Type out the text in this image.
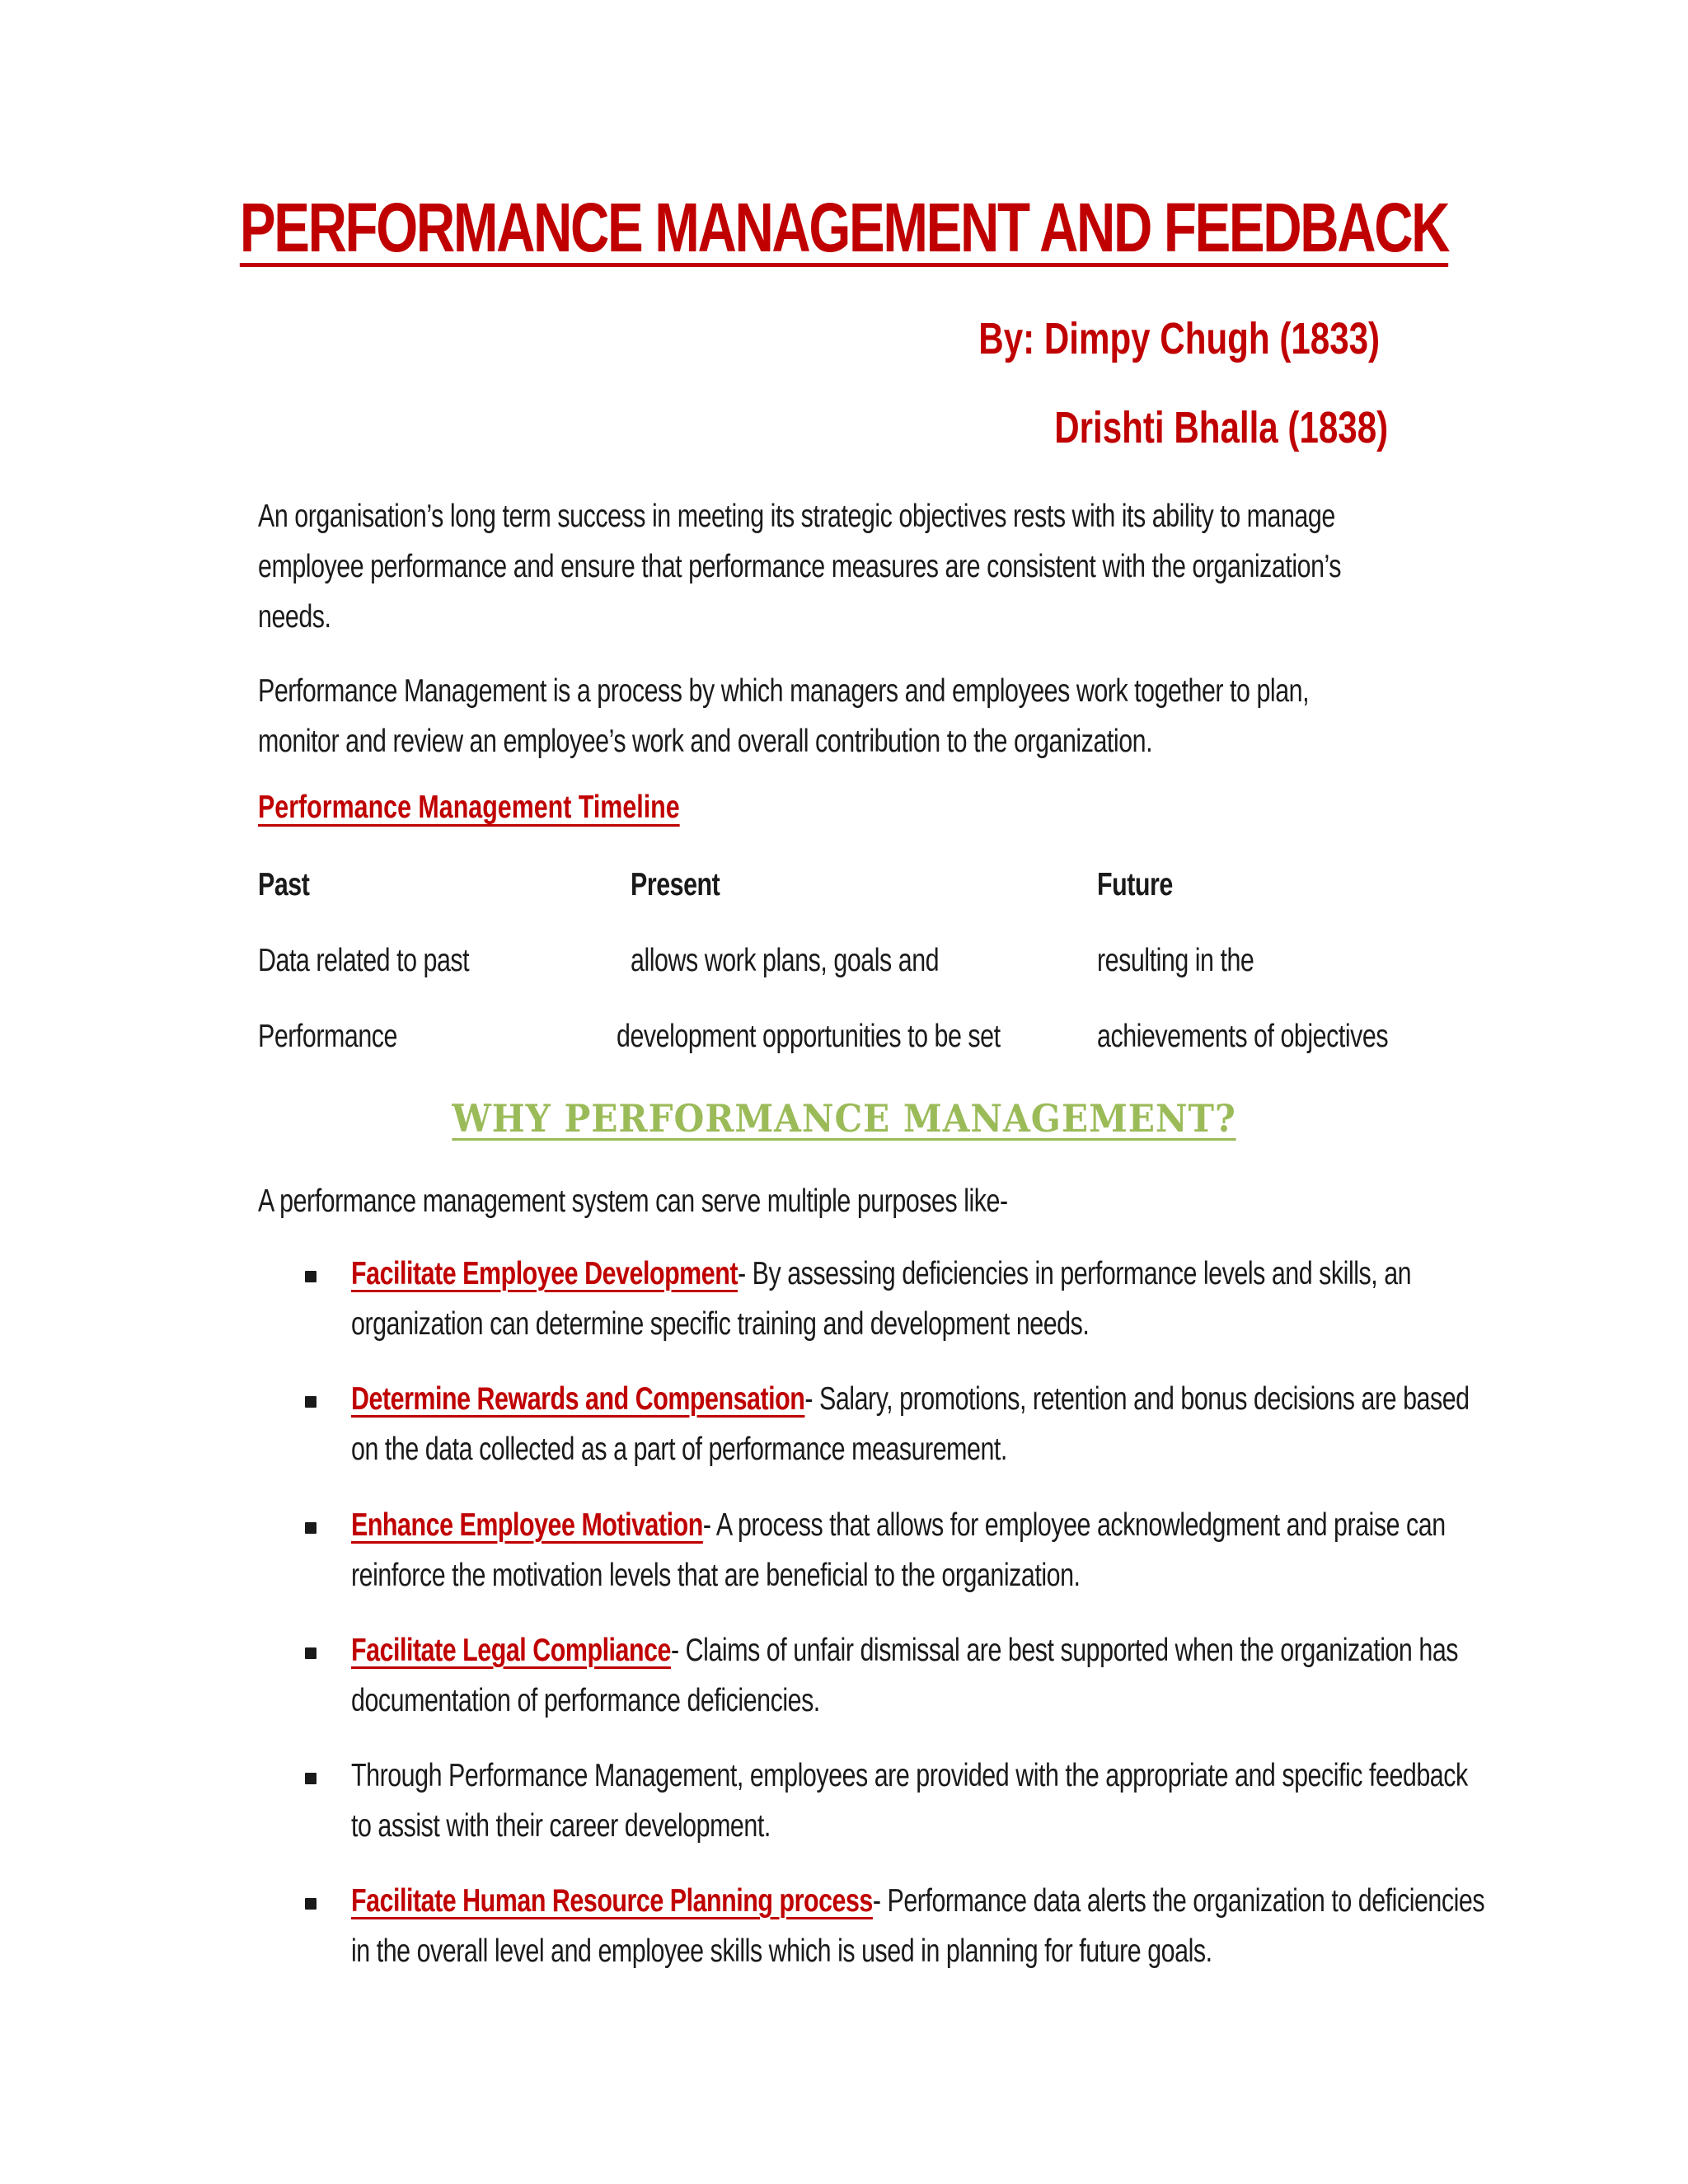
PERFORMANCE MANAGEMENT AND FEEDBACK
By: Dimpy Chugh (1833)
Drishti Bhalla (1838)
An organisation’s long term success in meeting its strategic objectives rests with its ability to manage employee performance and ensure that performance measures are consistent with the organization’s needs.
Performance Management is a process by which managers and employees work together to plan, monitor and review an employee’s work and overall contribution to the organization.
Performance Management Timeline
Past	Present	Future
Data related to past	allows work plans, goals and	resulting in the
Performance	development opportunities to be set	achievements of objectives
WHY PERFORMANCE MANAGEMENT?
A performance management system can serve multiple purposes like-
Facilitate Employee Development- By assessing deficiencies in performance levels and skills, an organization can determine specific training and development needs.
Determine Rewards and Compensation- Salary, promotions, retention and bonus decisions are based on the data collected as a part of performance measurement.
Enhance Employee Motivation- A process that allows for employee acknowledgment and praise can reinforce the motivation levels that are beneficial to the organization.
Facilitate Legal Compliance- Claims of unfair dismissal are best supported when the organization has documentation of performance deficiencies.
Through Performance Management, employees are provided with the appropriate and specific feedback to assist with their career development.
Facilitate Human Resource Planning process- Performance data alerts the organization to deficiencies in the overall level and employee skills which is used in planning for future goals.
